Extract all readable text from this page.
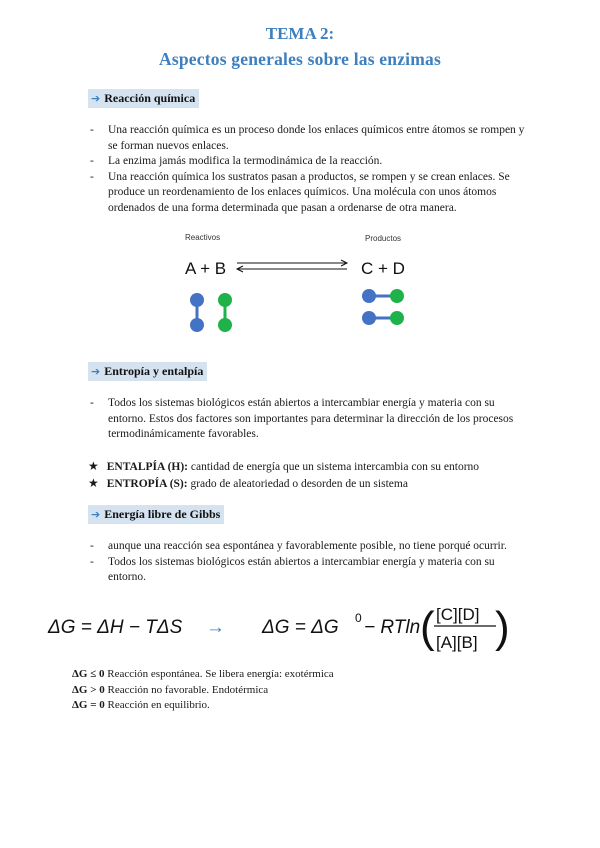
TEMA 2:
Aspectos generales sobre las enzimas
➔ Reacción química
- Una reacción química es un proceso donde los enlaces químicos entre átomos se rompen y se forman nuevos enlaces.
- La enzima jamás modifica la termodinámica de la reacción.
- Una reacción química los sustratos pasan a productos, se rompen y se crean enlaces. Se produce un reordenamiento de los enlaces químicos. Una molécula con unos átomos ordenados de una forma determinada que pasan a ordenarse de otra manera.
Reactivos	Productos
A + B	C + D
➔ Entropía y entalpía
- Todos los sistemas biológicos están abiertos a intercambiar energía y materia con su entorno. Estos dos factores son importantes para determinar la dirección de los procesos termodinámicamente favorables.
★ ENTALPÍA (H): cantidad de energía que un sistema intercambia con su entorno
★ ENTROPÍA (S): grado de aleatoriedad o desorden de un sistema
➔ Energía libre de Gibbs
- aunque una reacción sea espontánea y favorablemente posible, no tiene porqué ocurrir.
- Todos los sistemas biológicos están abiertos a intercambiar energía y materia con su entorno.
ΔG = ΔH − TΔS → ΔG = ΔG 0 − RTln ( [C][D]
[A][B] )
ΔG ≤ 0 Reacción espontánea. Se libera energía: exotérmica
ΔG > 0 Reacción no favorable. Endotérmica
ΔG = 0 Reacción en equilibrio.
